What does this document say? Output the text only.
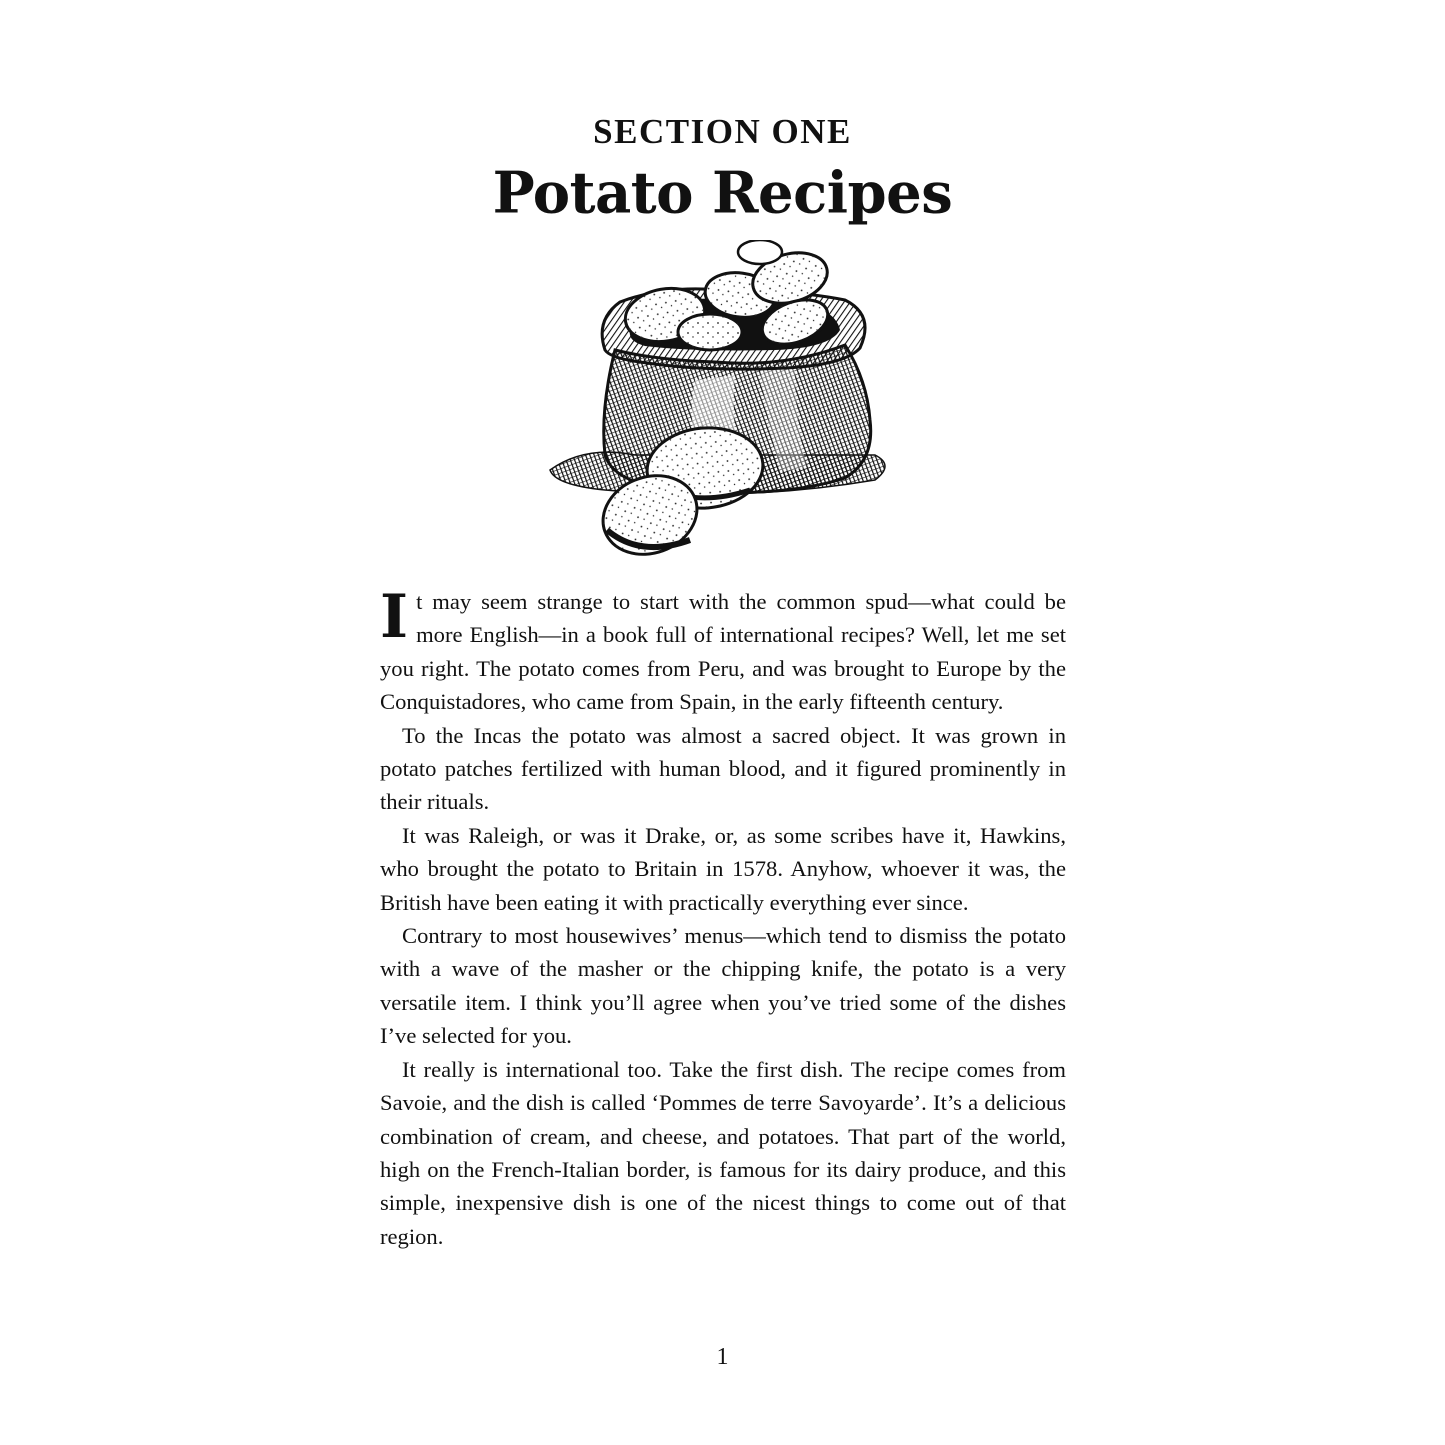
SECTION ONE
Potato Recipes

It may seem strange to start with the common spud—what could be more English—in a book full of international recipes? Well, let me set you right. The potato comes from Peru, and was brought to Europe by the Conquistadores, who came from Spain, in the early fifteenth century.

To the Incas the potato was almost a sacred object. It was grown in potato patches fertilized with human blood, and it figured prominently in their rituals.

It was Raleigh, or was it Drake, or, as some scribes have it, Hawkins, who brought the potato to Britain in 1578. Anyhow, whoever it was, the British have been eating it with practically everything ever since.

Contrary to most housewives’ menus—which tend to dismiss the potato with a wave of the masher or the chipping knife, the potato is a very versatile item. I think you’ll agree when you’ve tried some of the dishes I’ve selected for you.

It really is international too. Take the first dish. The recipe comes from Savoie, and the dish is called ‘Pommes de terre Savoyarde’. It’s a delicious combination of cream, and cheese, and potatoes. That part of the world, high on the French-Italian border, is famous for its dairy produce, and this simple, inexpensive dish is one of the nicest things to come out of that region.

1
